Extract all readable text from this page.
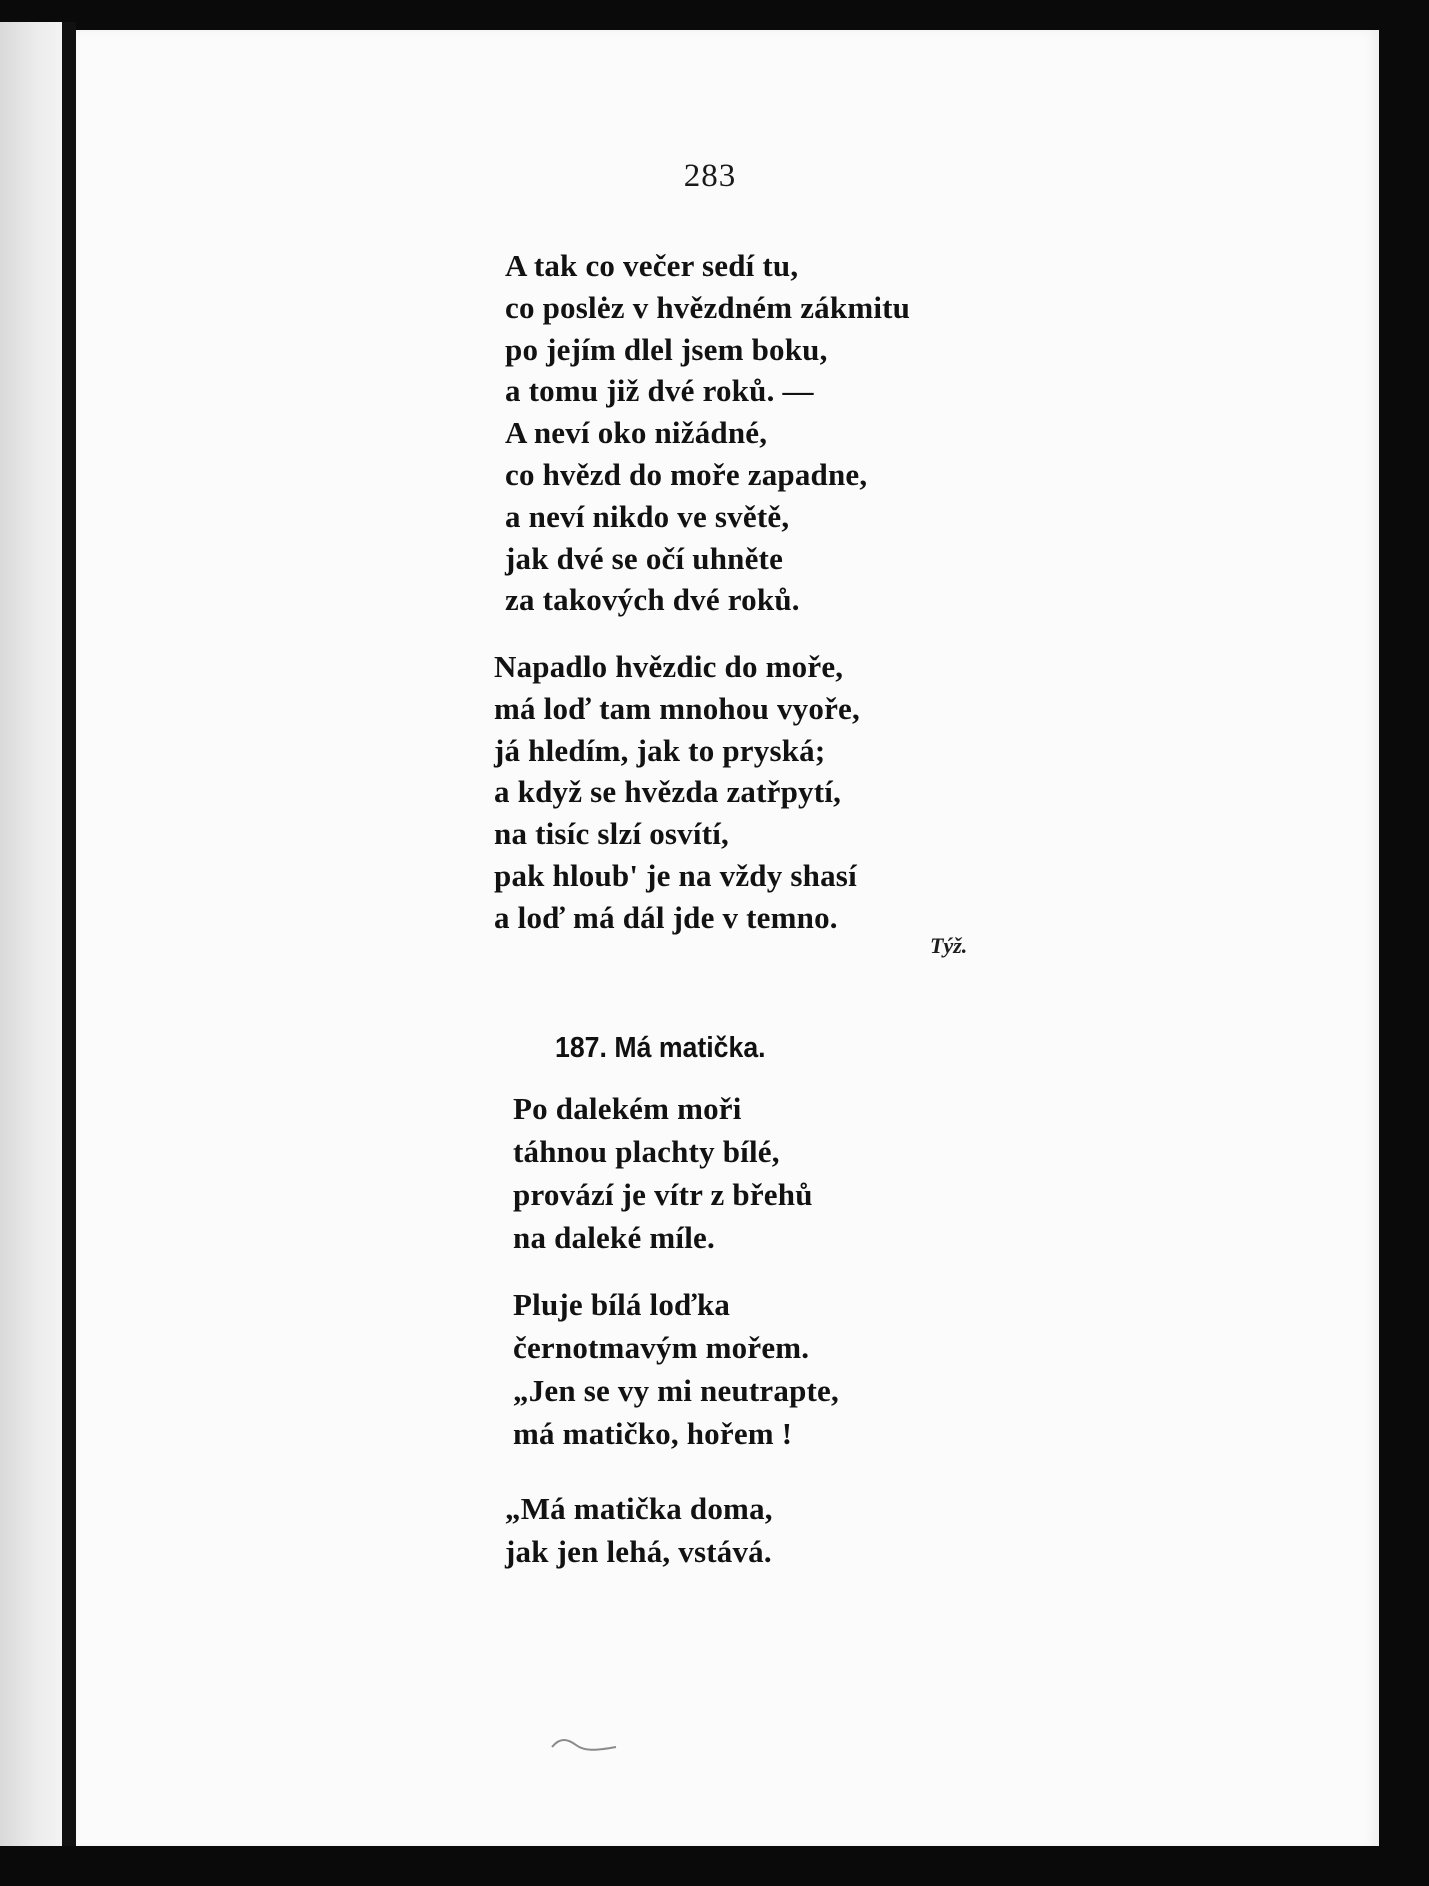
283
A tak co večer sedí tu,
co poslėz v hvězdném zákmitu
po jejím dlel jsem boku,
a tomu již dvé roků. —
A neví oko nižádné,
co hvězd do moře zapadne,
a neví nikdo ve světě,
jak dvé se očí uhněte
za takových dvé roků.
Napadlo hvězdic do moře,
má loď tam mnohou vyoře,
já hledím, jak to pryská;
a když se hvězda zatřpytí,
na tisíc slzí osvítí,
pak hloub' je na vždy shasí
a loď má dál jde v temno.
Týž.
187. Má matička.
Po dalekém moři
táhnou plachty bílé,
provází je vítr z břehů
na daleké míle.
Pluje bílá loďka
černotmavým mořem.
„Jen se vy mi neutrapte,
má matičko, hořem !
„Má matička doma,
jak jen lehá, vstává.
